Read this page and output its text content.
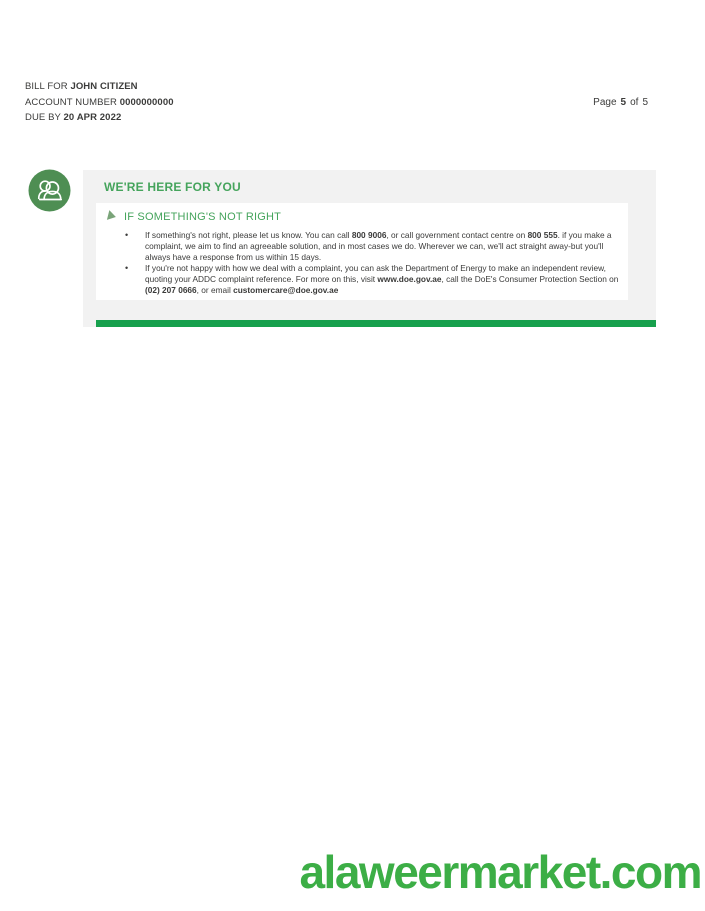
BILL FOR JOHN CITIZEN
ACCOUNT NUMBER 0000000000
DUE BY 20 APR 2022
Page 5 of 5
WE'RE HERE FOR YOU
IF SOMETHING'S NOT RIGHT
• If something's not right, please let us know. You can call 800 9006, or call government contact centre on 800 555. if you make a complaint, we aim to find an agreeable solution, and in most cases we do. Wherever we can, we'll act straight away-but you'll always have a response from us within 15 days.
• If you're not happy with how we deal with a complaint, you can ask the Department of Energy to make an independent review, quoting your ADDC complaint reference. For more on this, visit www.doe.gov.ae, call the DoE's Consumer Protection Section on (02) 207 0666, or email customercare@doe.gov.ae
alaweermarket.com
